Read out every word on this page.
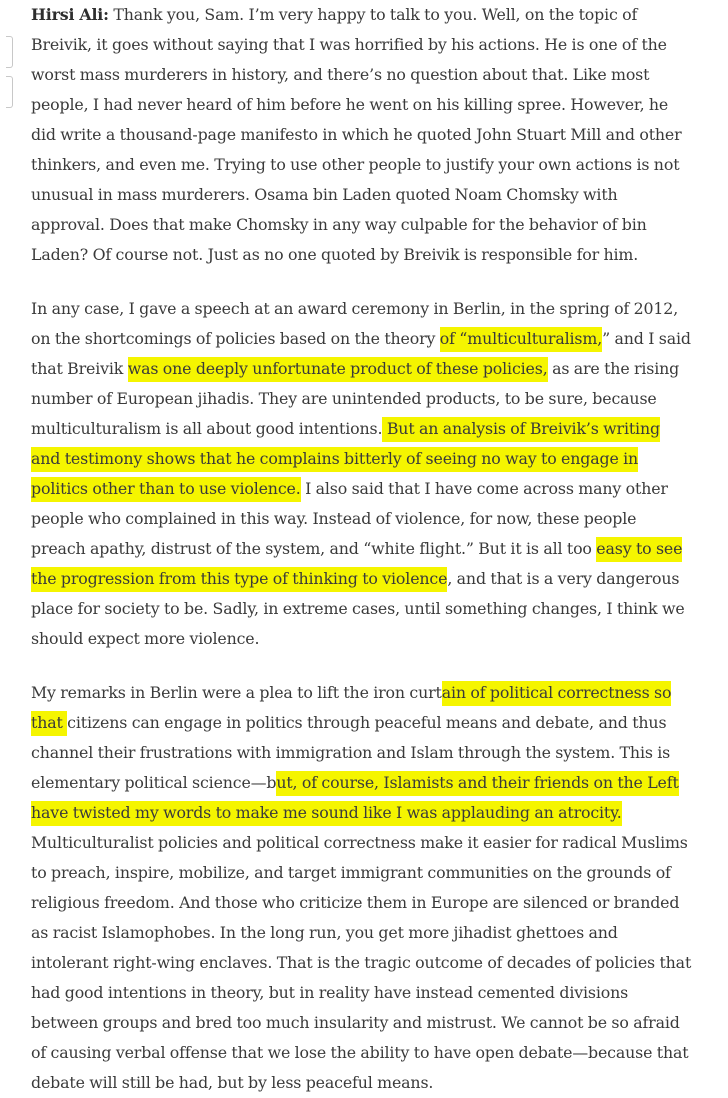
Hirsi Ali: Thank you, Sam. I’m very happy to talk to you. Well, on the topic of Breivik, it goes without saying that I was horrified by his actions. He is one of the worst mass murderers in history, and there’s no question about that. Like most people, I had never heard of him before he went on his killing spree. However, he did write a thousand-page manifesto in which he quoted John Stuart Mill and other thinkers, and even me. Trying to use other people to justify your own actions is not unusual in mass murderers. Osama bin Laden quoted Noam Chomsky with approval. Does that make Chomsky in any way culpable for the behavior of bin Laden? Of course not. Just as no one quoted by Breivik is responsible for him.

In any case, I gave a speech at an award ceremony in Berlin, in the spring of 2012, on the shortcomings of policies based on the theory of “multiculturalism,” and I said that Breivik was one deeply unfortunate product of these policies, as are the rising number of European jihadis. They are unintended products, to be sure, because multiculturalism is all about good intentions. But an analysis of Breivik’s writing and testimony shows that he complains bitterly of seeing no way to engage in politics other than to use violence. I also said that I have come across many other people who complained in this way. Instead of violence, for now, these people preach apathy, distrust of the system, and “white flight.” But it is all too easy to see the progression from this type of thinking to violence, and that is a very dangerous place for society to be. Sadly, in extreme cases, until something changes, I think we should expect more violence.

My remarks in Berlin were a plea to lift the iron curtain of political correctness so that citizens can engage in politics through peaceful means and debate, and thus channel their frustrations with immigration and Islam through the system. This is elementary political science—but, of course, Islamists and their friends on the Left have twisted my words to make me sound like I was applauding an atrocity. Multiculturalist policies and political correctness make it easier for radical Muslims to preach, inspire, mobilize, and target immigrant communities on the grounds of religious freedom. And those who criticize them in Europe are silenced or branded as racist Islamophobes. In the long run, you get more jihadist ghettoes and intolerant right-wing enclaves. That is the tragic outcome of decades of policies that had good intentions in theory, but in reality have instead cemented divisions between groups and bred too much insularity and mistrust. We cannot be so afraid of causing verbal offense that we lose the ability to have open debate—because that debate will still be had, but by less peaceful means.
